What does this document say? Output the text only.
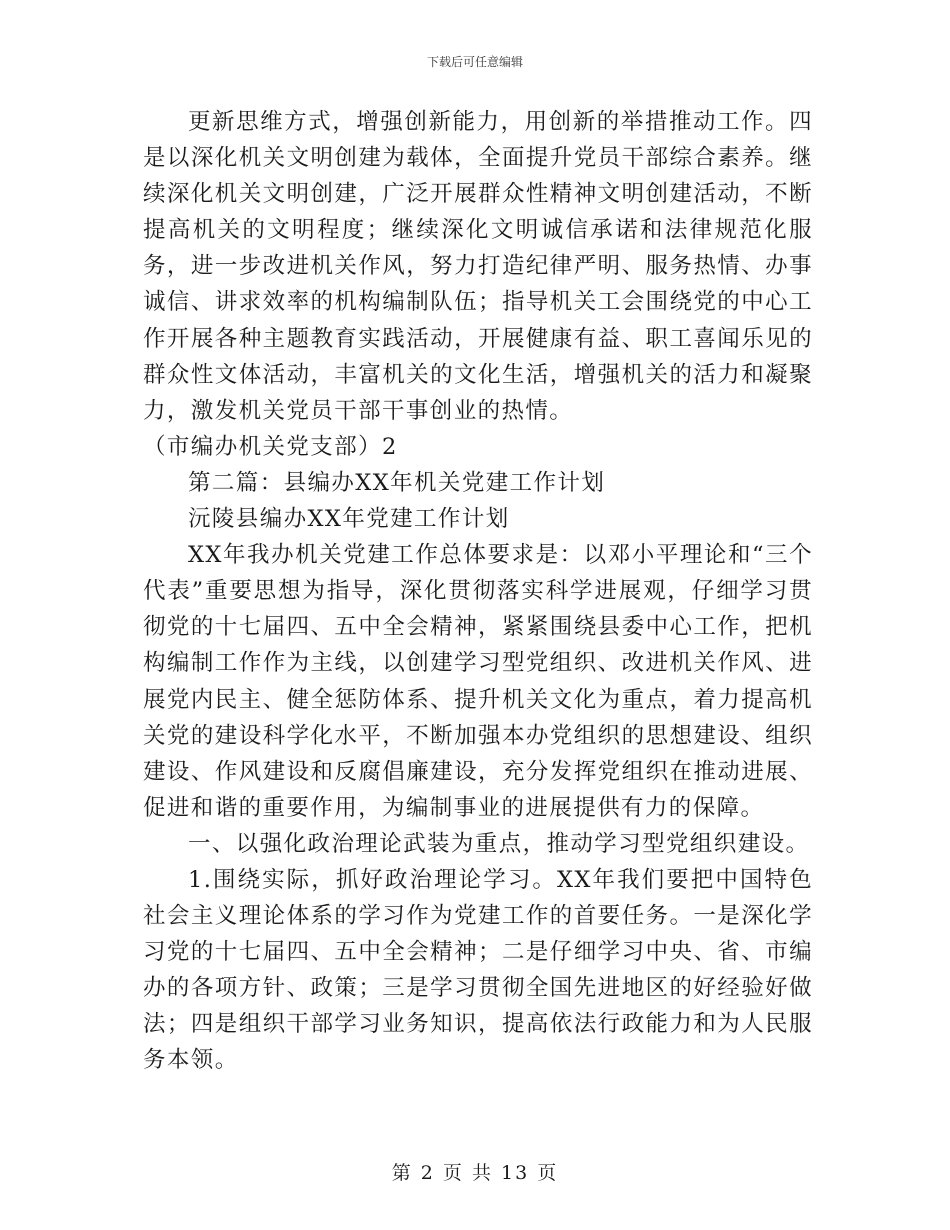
下载后可任意编辑

更新思维方式，增强创新能力，用创新的举措推动工作。四是以深化机关文明创建为载体，全面提升党员干部综合素养。继续深化机关文明创建，广泛开展群众性精神文明创建活动，不断提高机关的文明程度；继续深化文明诚信承诺和法律规范化服务，进一步改进机关作风，努力打造纪律严明、服务热情、办事诚信、讲求效率的机构编制队伍；指导机关工会围绕党的中心工作开展各种主题教育实践活动，开展健康有益、职工喜闻乐见的群众性文体活动，丰富机关的文化生活，增强机关的活力和凝聚力，激发机关党员干部干事创业的热情。

（市编办机关党支部）2

第二篇：县编办XX年机关党建工作计划

沅陵县编办XX年党建工作计划

XX年我办机关党建工作总体要求是：以邓小平理论和“三个代表”重要思想为指导，深化贯彻落实科学进展观，仔细学习贯彻党的十七届四、五中全会精神，紧紧围绕县委中心工作，把机构编制工作作为主线，以创建学习型党组织、改进机关作风、进展党内民主、健全惩防体系、提升机关文化为重点，着力提高机关党的建设科学化水平，不断加强本办党组织的思想建设、组织建设、作风建设和反腐倡廉建设，充分发挥党组织在推动进展、促进和谐的重要作用，为编制事业的进展提供有力的保障。

一、以强化政治理论武装为重点，推动学习型党组织建设。

1.围绕实际，抓好政治理论学习。XX年我们要把中国特色社会主义理论体系的学习作为党建工作的首要任务。一是深化学习党的十七届四、五中全会精神；二是仔细学习中央、省、市编办的各项方针、政策；三是学习贯彻全国先进地区的好经验好做法；四是组织干部学习业务知识，提高依法行政能力和为人民服务本领。

第 2 页 共 13 页
